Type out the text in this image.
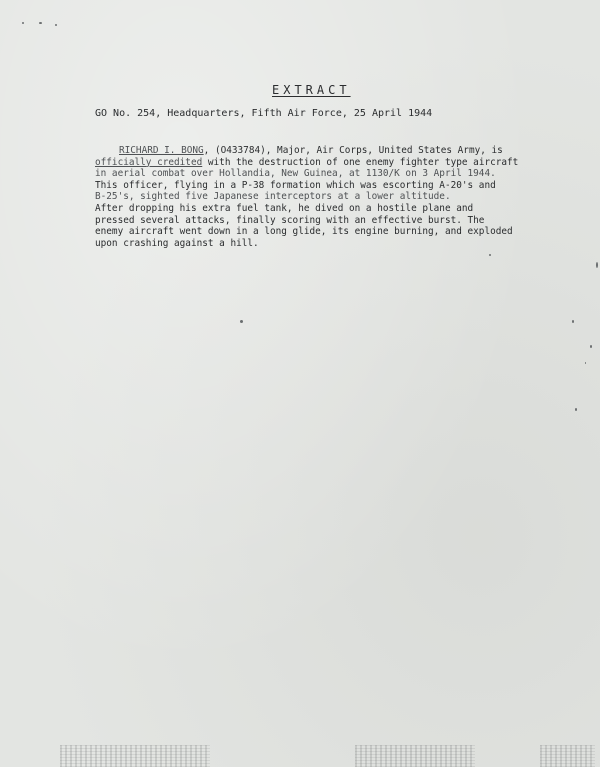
EXTRACT

GO No. 254, Headquarters, Fifth Air Force, 25 April 1944

RICHARD I. BONG, (O433784), Major, Air Corps, United States Army, is
officially credited with the destruction of one enemy fighter type aircraft
in aerial combat over Hollandia, New Guinea, at 1130/K on 3 April 1944.
This officer, flying in a P-38 formation which was escorting A-20's and
B-25's, sighted five Japanese interceptors at a lower altitude.
After dropping his extra fuel tank, he dived on a hostile plane and
pressed several attacks, finally scoring with an effective burst. The
enemy aircraft went down in a long glide, its engine burning, and exploded
upon crashing against a hill.
